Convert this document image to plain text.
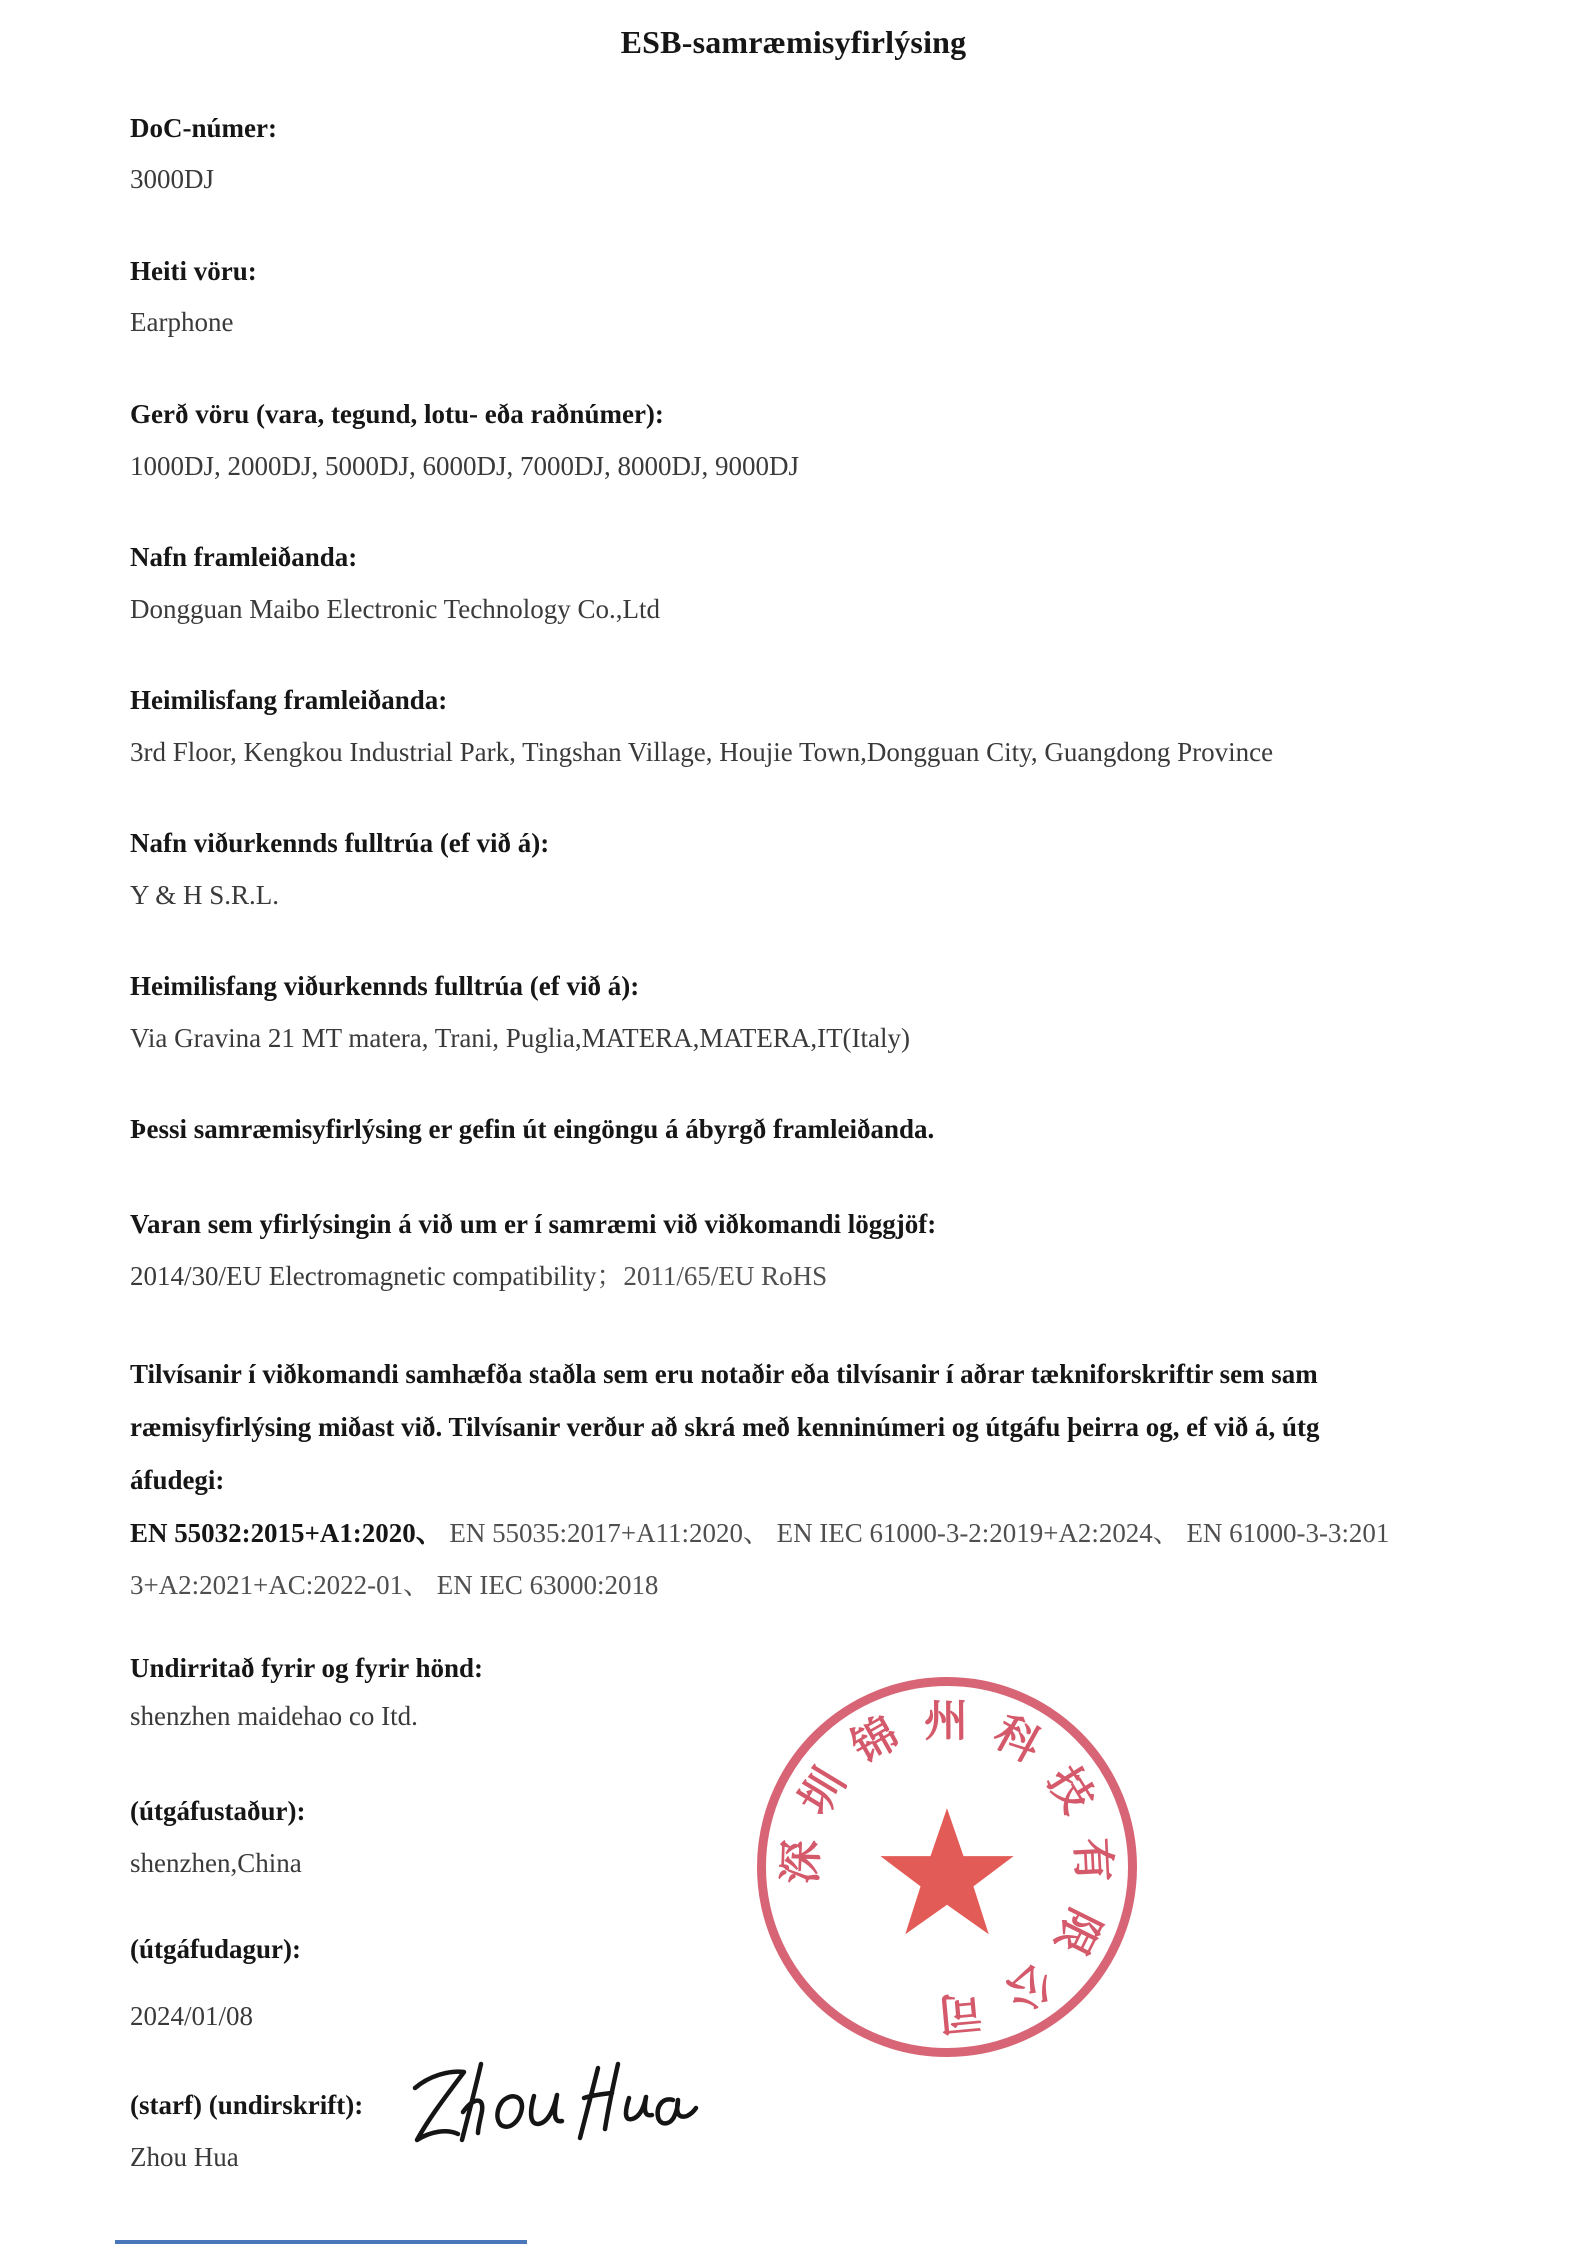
ESB-samræmisyfirlýsing
DoC-númer:
3000DJ
Heiti vöru:
Earphone
Gerð vöru (vara, tegund, lotu- eða raðnúmer):
1000DJ, 2000DJ, 5000DJ, 6000DJ, 7000DJ, 8000DJ, 9000DJ
Nafn framleiðanda:
Dongguan Maibo Electronic Technology Co.,Ltd
Heimilisfang framleiðanda:
3rd Floor, Kengkou Industrial Park, Tingshan Village, Houjie Town,Dongguan City, Guangdong Province
Nafn viðurkennds fulltrúa (ef við á):
Y & H S.R.L.
Heimilisfang viðurkennds fulltrúa (ef við á):
Via Gravina 21 MT matera, Trani, Puglia,MATERA,MATERA,IT(Italy)
Þessi samræmisyfirlýsing er gefin út eingöngu á ábyrgð framleiðanda.
Varan sem yfirlýsingin á við um er í samræmi við viðkomandi löggjöf:
2014/30/EU Electromagnetic compatibility；2011/65/EU RoHS
Tilvísanir í viðkomandi samhæfða staðla sem eru notaðir eða tilvísanir í aðrar tækniforskriftir sem sam
ræmisyfirlýsing miðast við. Tilvísanir verður að skrá með kenninúmeri og útgáfu þeirra og, ef við á, útg
áfudegi:
EN 55032:2015+A1:2020、 EN 55035:2017+A11:2020、 EN IEC 61000-3-2:2019+A2:2024、 EN 61000-3-3:201
3+A2:2021+AC:2022-01、 EN IEC 63000:2018
Undirritað fyrir og fyrir hönd:
shenzhen maidehao co Itd.
(útgáfustaður):
shenzhen,China
(útgáfudagur):
2024/01/08
(starf) (undirskrift):
Zhou Hua
深
圳
锦 州 科
技
有
限
公
司
